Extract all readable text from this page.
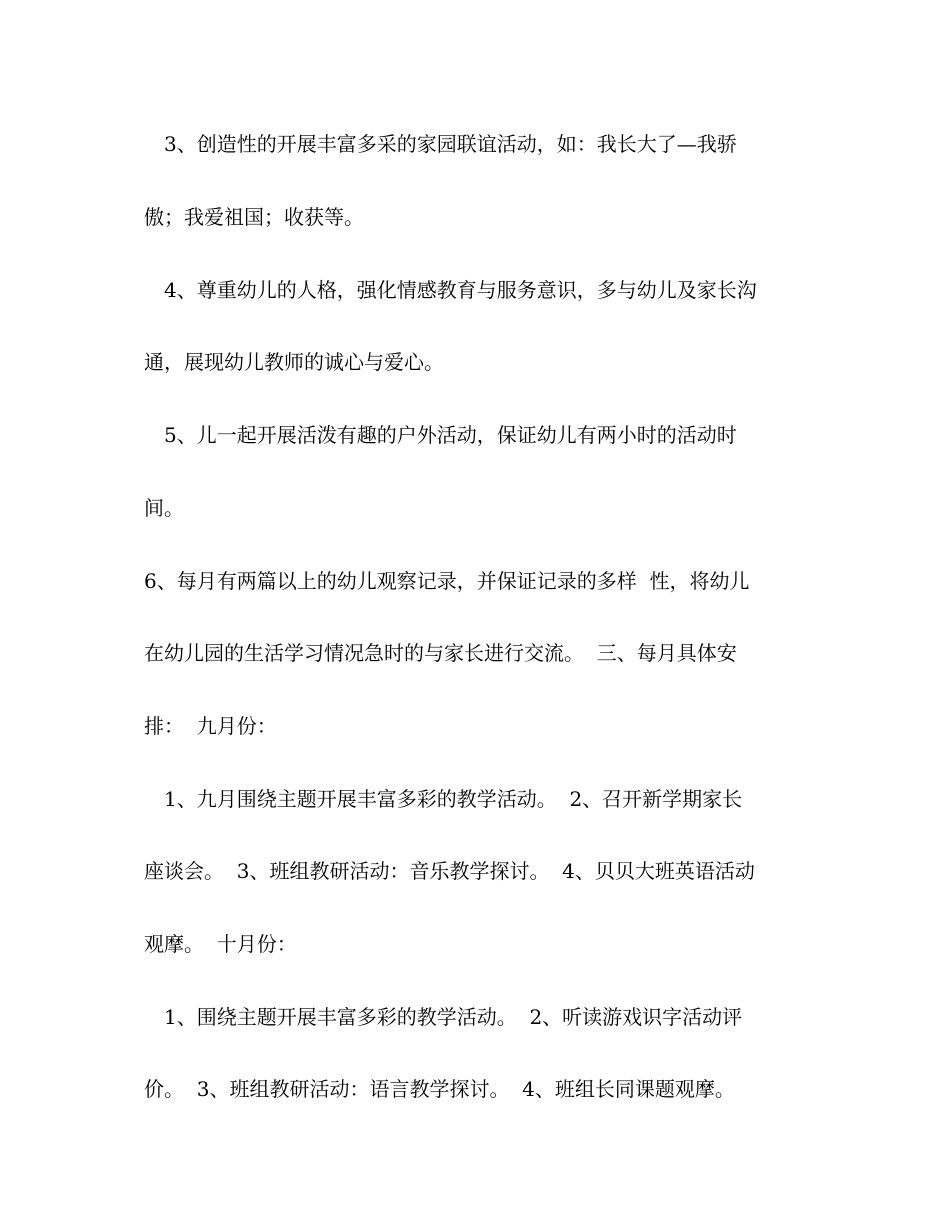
3、创造性的开展丰富多采的家园联谊活动，如：我长大了—我骄
傲；我爱祖国；收获等。
4、尊重幼儿的人格，强化情感教育与服务意识，多与幼儿及家长沟
通，展现幼儿教师的诚心与爱心。
5、儿一起开展活泼有趣的户外活动，保证幼儿有两小时的活动时
间。
6、每月有两篇以上的幼儿观察记录，并保证记录的多样  性，将幼儿
在幼儿园的生活学习情况急时的与家长进行交流。  三、每月具体安
排：  九月份：
1、九月围绕主题开展丰富多彩的教学活动。  2、召开新学期家长
座谈会。  3、班组教研活动：音乐教学探讨。  4、贝贝大班英语活动
观摩。  十月份：
1、围绕主题开展丰富多彩的教学活动。  2、听读游戏识字活动评
价。  3、班组教研活动：语言教学探讨。  4、班组长同课题观摩。
